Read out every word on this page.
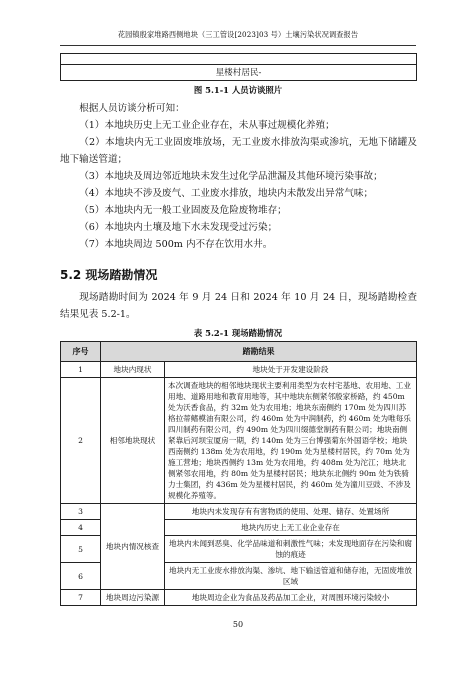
花园镇殷家堆路西侧地块（三工管设[2023]03 号）土壤污染状况调查报告
星楼村居民-
图 5.1-1 人员访谈照片

根据人员访谈分析可知：

（1）本地块历史上无工业企业存在，未从事过规模化养殖；

（2）本地块内无工业固废堆放场，无工业废水排放沟渠或渗坑，无地下储罐及地下输送管道；

（3）本地块及周边邻近地块未发生过化学品泄漏及其他环境污染事故；

（4）本地块不涉及废气、工业废水排放，地块内未散发出异常气味；

（5）本地块内无一般工业固废及危险废物堆存；

（6）本地块内土壤及地下水未发现受过污染；

（7）本地块周边 500m 内不存在饮用水井。

5.2 现场踏勘情况

现场踏勘时间为 2024 年 9 月 24 日和 2024 年 10 月 24 日，现场踏勘检查结果见表 5.2-1。

表 5.2-1 现场踏勘情况
序号	踏勘结果	
1	地块内现状	地块处于开发建设阶段
2	相邻地块现状	本次调查地块的相邻地块现状主要利用类型为农村宅基地、农用地、工业用地、道路用地和教育用地等，其中地块东侧紧邻殷家桥路，约 450m 处为沃香食品，约 32m 处为农用地；地块东南侧约 170m 处为四川苏格拉蒂鳍模油有限公司，约 460m 处为中润制药，约 460m 处为唯每乐四川制药有限公司，约 490m 处为四川缀德堂制药有限公司；地块南侧紧靠后河坝宝厦房一期，约 140m 处为三台博强菊东外国语学校；地块西南侧约 138m 处为农用地，约 190m 处为星楼村居民，约 70m 处为施工营地；地块西侧约 13m 处为农用地，约 408m 处为沱江；地块北侧紧邻农用地，约 80m 处为星楼村居民；地块东北侧约 90m 处为铁骑力士集团，约 436m 处为星楼村居民，约 460m 处为潼川豆豉、不涉及规模化养殖等。
3	地块内情况核查	地块内未发现存有有害物质的使用、处理、储存、处置场所
4		地块内历史上无工业企业存在
5		地块内未闻到恶臭、化学品味道和刺激性气味；未发现地面存在污染和腐蚀的痕迹
6		地块内无工业废水排放沟渠、渗坑、地下输送管道和储存池，无固废堆放区域
7	地块周边污染源	地块周边企业为食品及药品加工企业，对周围环境污染较小
50
